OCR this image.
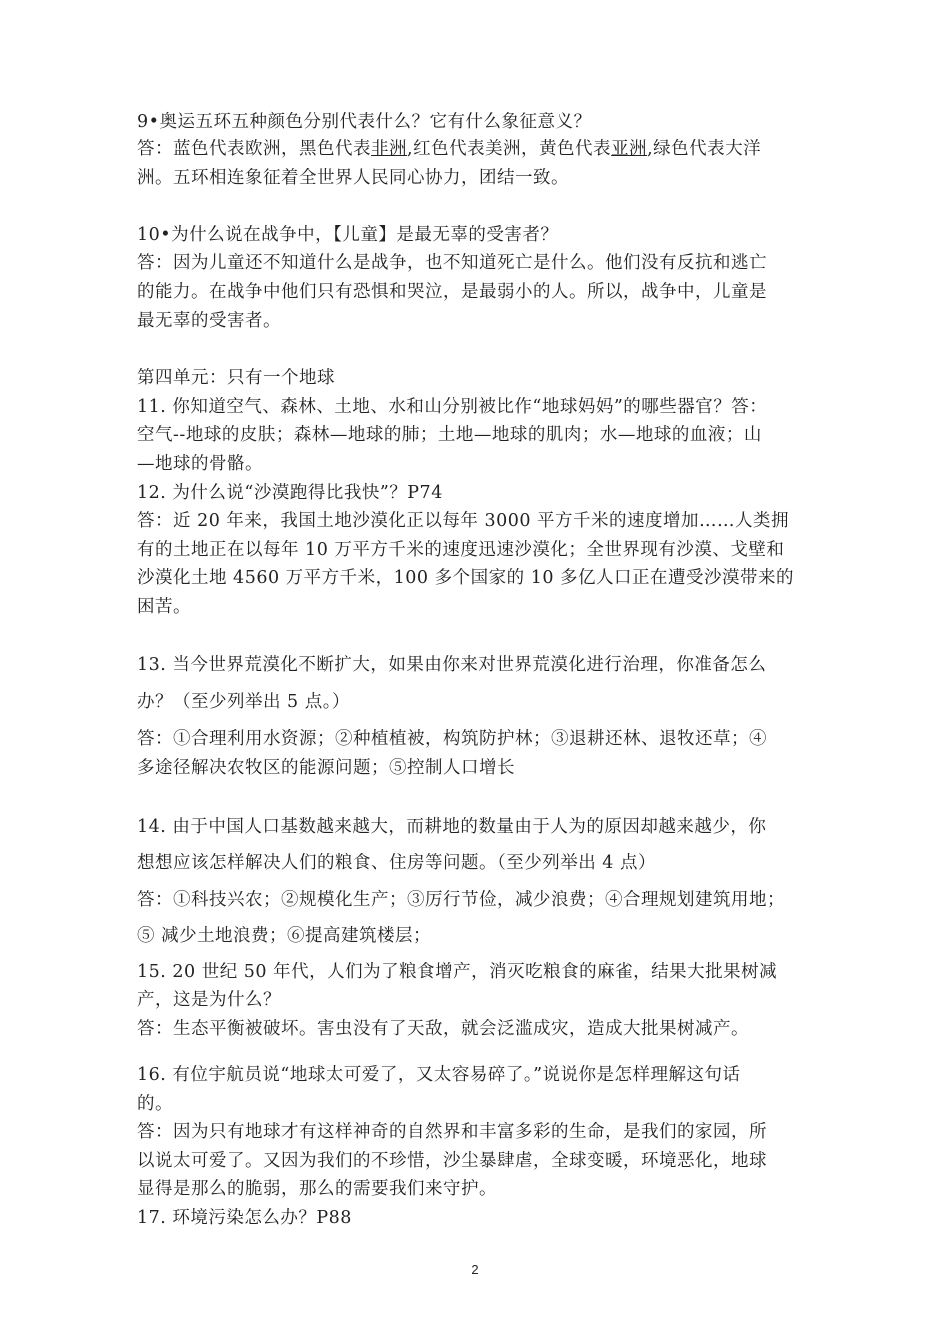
9•奥运五环五种颜色分别代表什么？它有什么象征意义？
答：蓝色代表欧洲，黑色代表非洲,红色代表美洲，黄色代表亚洲,绿色代表大洋
洲。五环相连象征着全世界人民同心协力，团结一致。
10•为什么说在战争中，【儿童】是最无辜的受害者？
答：因为儿童还不知道什么是战争，也不知道死亡是什么。他们没有反抗和逃亡
的能力。在战争中他们只有恐惧和哭泣，是最弱小的人。所以，战争中，儿童是
最无辜的受害者。
第四单元：只有一个地球
11. 你知道空气、森林、土地、水和山分别被比作“地球妈妈”的哪些器官？答：
空气--地球的皮肤；森林—地球的肺；土地—地球的肌肉；水—地球的血液；山
—地球的骨骼。
12. 为什么说“沙漠跑得比我快”？P74
答：近 20 年来，我国土地沙漠化正以每年 3000 平方千米的速度增加……人类拥
有的土地正在以每年 10 万平方千米的速度迅速沙漠化；全世界现有沙漠、戈壁和
沙漠化土地 4560 万平方千米，100 多个国家的 10 多亿人口正在遭受沙漠带来的
困苦。
13. 当今世界荒漠化不断扩大，如果由你来对世界荒漠化进行治理，你准备怎么
办？（至少列举出 5 点。）
答：①合理利用水资源；②种植植被，构筑防护林；③退耕还林、退牧还草；④
多途径解决农牧区的能源问题；⑤控制人口增长
14. 由于中国人口基数越来越大，而耕地的数量由于人为的原因却越来越少，你
想想应该怎样解决人们的粮食、住房等问题。（至少列举出 4 点）
答：①科技兴农；②规模化生产；③厉行节俭，减少浪费；④合理规划建筑用地；
⑤ 减少土地浪费；⑥提高建筑楼层；
15. 20 世纪 50 年代，人们为了粮食增产，消灭吃粮食的麻雀，结果大批果树减
产，这是为什么？
答：生态平衡被破坏。害虫没有了天敌，就会泛滥成灾，造成大批果树减产。
16. 有位宇航员说“地球太可爱了，又太容易碎了。”说说你是怎样理解这句话
的。
答：因为只有地球才有这样神奇的自然界和丰富多彩的生命，是我们的家园，所
以说太可爱了。又因为我们的不珍惜，沙尘暴肆虐，全球变暖，环境恶化，地球
显得是那么的脆弱，那么的需要我们来守护。
17. 环境污染怎么办？P88
2
